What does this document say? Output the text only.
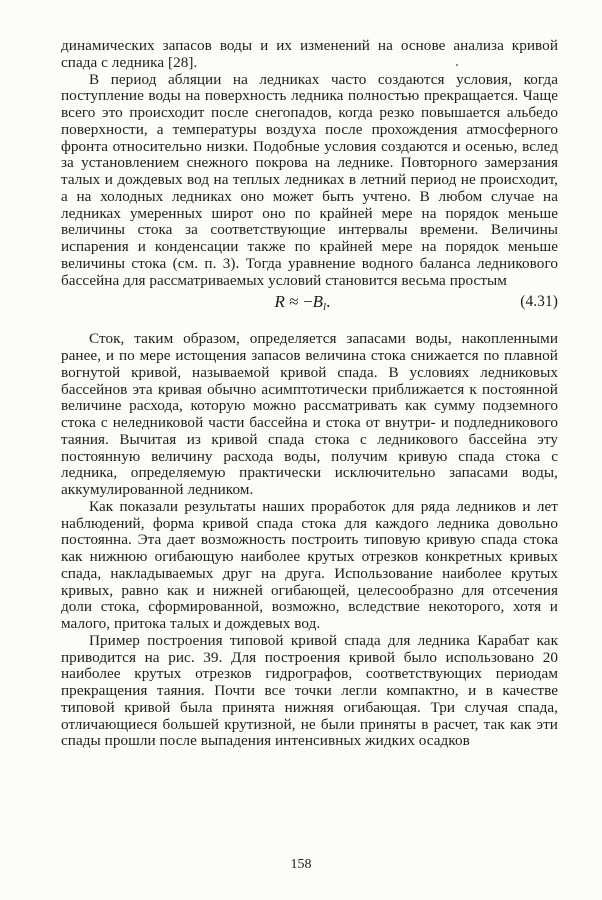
динамических запасов воды и их изменений на основе анализа кривой спада с ледника [28].

В период абляции на ледниках часто создаются условия, когда поступление воды на поверхность ледника полностью прекращается. Чаще всего это происходит после снегопадов, когда резко повышается альбедо поверхности, а температуры воздуха после прохождения атмосферного фронта относительно низки. Подобные условия создаются и осенью, вслед за установлением снежного покрова на леднике. Повторного замерзания талых и дождевых вод на теплых ледниках в летний период не происходит, а на холодных ледниках оно может быть учтено. В любом случае на ледниках умеренных широт оно по крайней мере на порядок меньше величины стока за соответствующие интервалы времени. Величины испарения и конденсации также по крайней мере на порядок меньше величины стока (см. п. 3). Тогда уравнение водного баланса ледникового бассейна для рассматриваемых условий становится весьма простым

$R \approx -B_l$.	(4.31)

Сток, таким образом, определяется запасами воды, накопленными ранее, и по мере истощения запасов величина стока снижается по плавной вогнутой кривой, называемой кривой спада. В условиях ледниковых бассейнов эта кривая обычно асимптотически приближается к постоянной величине расхода, которую можно рассматривать как сумму подземного стока с неледниковой части бассейна и стока от внутри- и подледникового таяния. Вычитая из кривой спада стока с ледникового бассейна эту постоянную величину расхода воды, получим кривую спада стока с ледника, определяемую практически исключительно запасами воды, аккумулированной ледником.

Как показали результаты наших проработок для ряда ледников и лет наблюдений, форма кривой спада стока для каждого ледника довольно постоянна. Эта дает возможность построить типовую кривую спада стока как нижнюю огибающую наиболее крутых отрезков конкретных кривых спада, накладываемых друг на друга. Использование наиболее крутых кривых, равно как и нижней огибающей, целесообразно для отсечения доли стока, сформированной, возможно, вследствие некоторого, хотя и малого, притока талых и дождевых вод.

Пример построения типовой кривой спада для ледника Карабат как приводится на рис. 39. Для построения кривой было использовано 20 наиболее крутых отрезков гидрографов, соответствующих периодам прекращения таяния. Почти все точки легли компактно, и в качестве типовой кривой была принята нижняя огибающая. Три случая спада, отличающиеся большей крутизной, не были приняты в расчет, так как эти спады прошли после выпадения интенсивных жидких осадков

158
